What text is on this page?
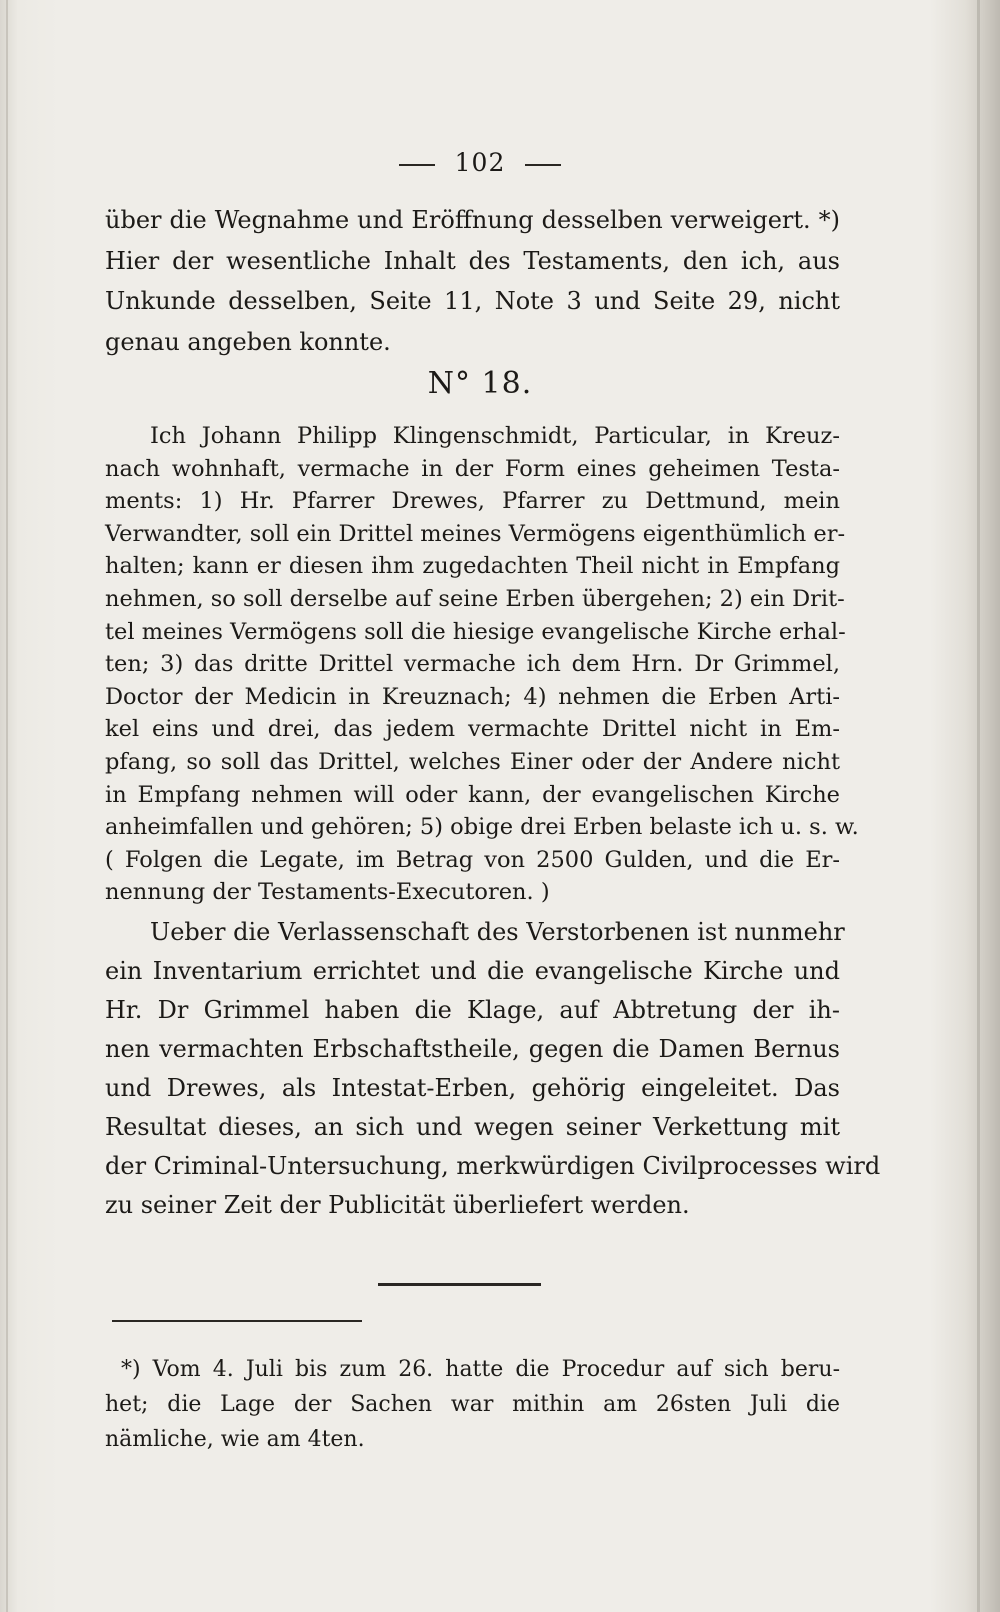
102
über die Wegnahme und Eröffnung desselben verweigert. *)
Hier der wesentliche Inhalt des Testaments, den ich, aus
Unkunde desselben, Seite 11, Note 3 und Seite 29, nicht
genau angeben konnte.
N° 18.
Ich Johann Philipp Klingenschmidt, Particular, in Kreuz-
nach wohnhaft, vermache in der Form eines geheimen Testa-
ments: 1) Hr. Pfarrer Drewes, Pfarrer zu Dettmund, mein
Verwandter, soll ein Drittel meines Vermögens eigenthümlich er-
halten; kann er diesen ihm zugedachten Theil nicht in Empfang
nehmen, so soll derselbe auf seine Erben übergehen; 2) ein Drit-
tel meines Vermögens soll die hiesige evangelische Kirche erhal-
ten; 3) das dritte Drittel vermache ich dem Hrn. Dr Grimmel,
Doctor der Medicin in Kreuznach; 4) nehmen die Erben Arti-
kel eins und drei, das jedem vermachte Drittel nicht in Em-
pfang, so soll das Drittel, welches Einer oder der Andere nicht
in Empfang nehmen will oder kann, der evangelischen Kirche
anheimfallen und gehören; 5) obige drei Erben belaste ich u. s. w.
( Folgen die Legate, im Betrag von 2500 Gulden, und die Er-
nennung der Testaments-Executoren. )
Ueber die Verlassenschaft des Verstorbenen ist nunmehr
ein Inventarium errichtet und die evangelische Kirche und
Hr. Dr Grimmel haben die Klage, auf Abtretung der ih-
nen vermachten Erbschaftstheile, gegen die Damen Bernus
und Drewes, als Intestat-Erben, gehörig eingeleitet. Das
Resultat dieses, an sich und wegen seiner Verkettung mit
der Criminal-Untersuchung, merkwürdigen Civilprocesses wird
zu seiner Zeit der Publicität überliefert werden.
*) Vom 4. Juli bis zum 26. hatte die Procedur auf sich beru-
het; die Lage der Sachen war mithin am 26sten Juli die
nämliche, wie am 4ten.
